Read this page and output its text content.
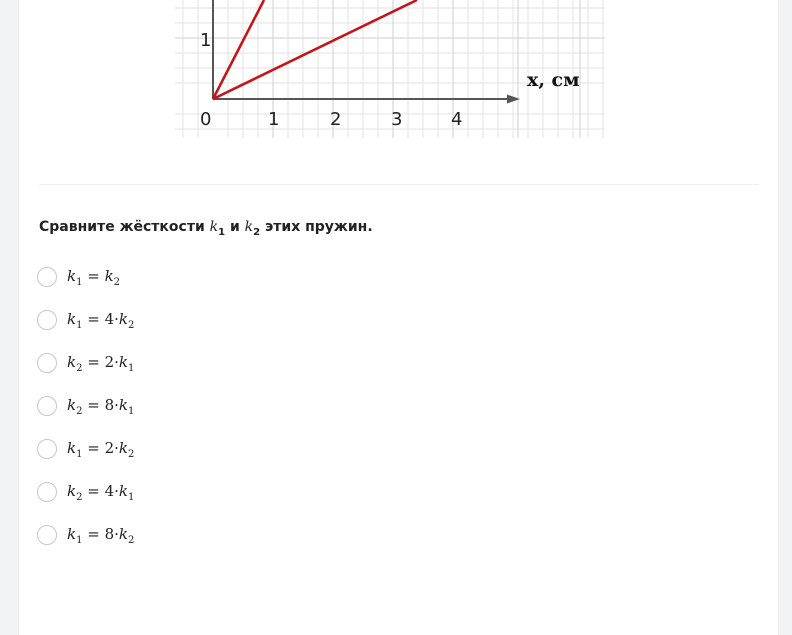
1
0	1	2	3	4
x, см
Сравните жёсткости $k_1$ и $k_2$ этих пружин.
$k_1 = k_2$
$k_1 = 4\cdot k_2$
$k_2 = 2\cdot k_1$
$k_2 = 8\cdot k_1$
$k_1 = 2\cdot k_2$
$k_2 = 4\cdot k_1$
$k_1 = 8\cdot k_2$
